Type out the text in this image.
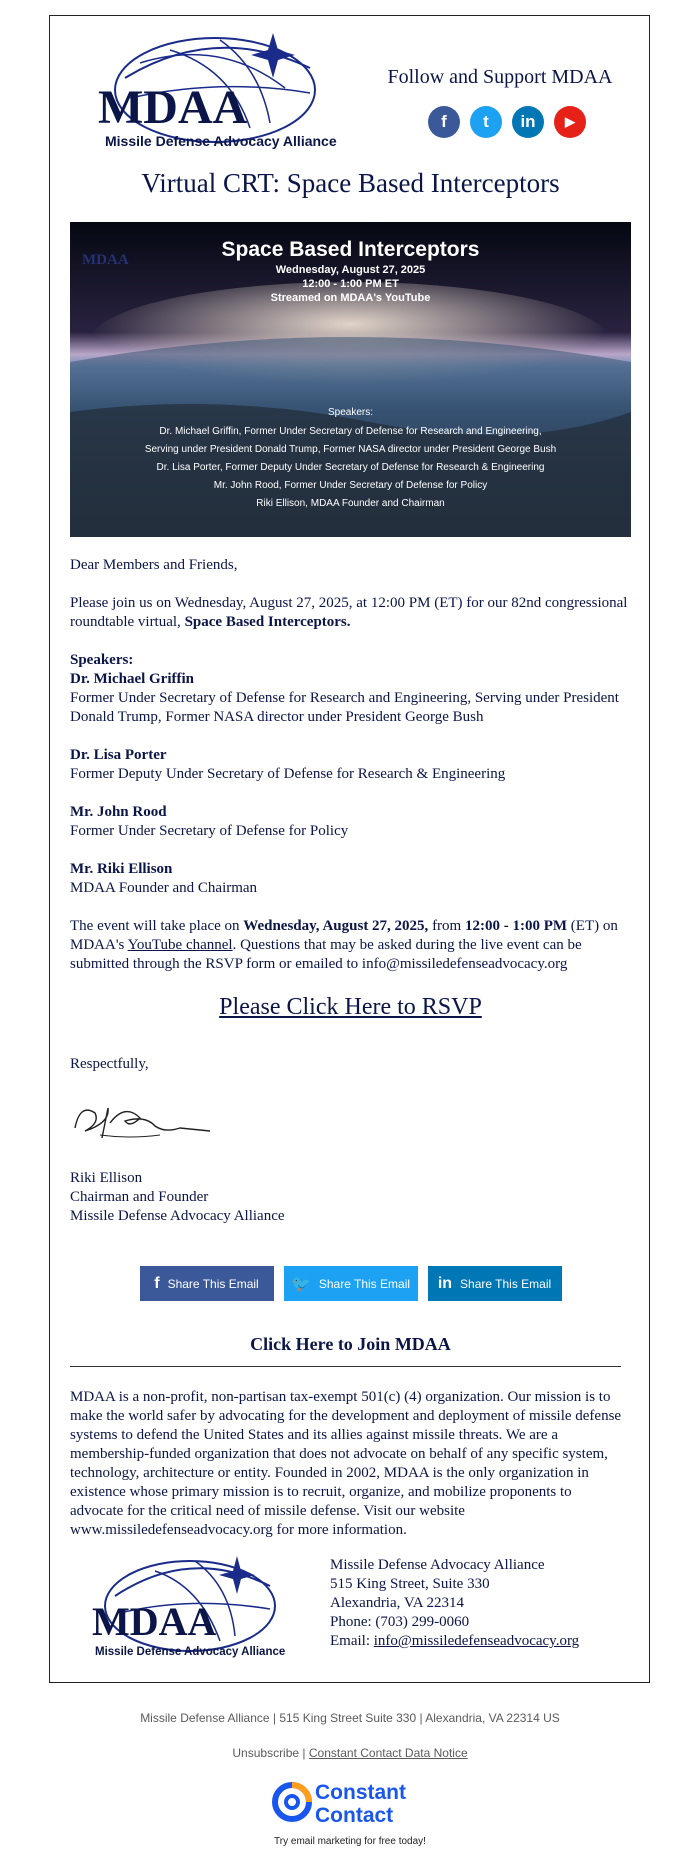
MDAA
Missile Defense Advocacy Alliance
Follow and Support MDAA
f	t	in	▶
Virtual CRT: Space Based Interceptors
MDAA	Space Based Interceptors
Wednesday, August 27, 2025
12:00 - 1:00 PM ET
Streamed on MDAA's YouTube
Speakers:
Dr. Michael Griffin, Former Under Secretary of Defense for Research and Engineering,
Serving under President Donald Trump, Former NASA director under President George Bush
Dr. Lisa Porter, Former Deputy Under Secretary of Defense for Research & Engineering
Mr. John Rood, Former Under Secretary of Defense for Policy
Riki Ellison, MDAA Founder and Chairman

Dear Members and Friends,

Please join us on Wednesday, August 27, 2025, at 12:00 PM (ET) for our 82nd congressional roundtable virtual, Space Based Interceptors.

Speakers:

Dr. Michael Griffin
Former Under Secretary of Defense for Research and Engineering, Serving under President Donald Trump, Former NASA director under President George Bush

Dr. Lisa Porter
Former Deputy Under Secretary of Defense for Research & Engineering

Mr. John Rood
Former Under Secretary of Defense for Policy

Mr. Riki Ellison
MDAA Founder and Chairman

The event will take place on Wednesday, August 27, 2025, from 12:00 - 1:00 PM (ET) on MDAA's YouTube channel. Questions that may be asked during the live event can be submitted through the RSVP form or emailed to info@missiledefenseadvocacy.org

Please Click Here to RSVP

Respectfully,

Riki Ellison
Chairman and Founder
Missile Defense Advocacy Alliance
f Share This Email 🐦 Share This Email in Share This Email
Click Here to Join MDAA
MDAA is a non-profit, non-partisan tax-exempt 501(c) (4) organization. Our mission is to make the world safer by advocating for the development and deployment of missile defense systems to defend the United States and its allies against missile threats. We are a membership-funded organization that does not advocate on behalf of any specific system, technology, architecture or entity. Founded in 2002, MDAA is the only organization in existence whose primary mission is to recruit, organize, and mobilize proponents to advocate for the critical need of missile defense. Visit our website www.missiledefenseadvocacy.org for more information.
MDAA
Missile Defense Advocacy Alliance
Missile Defense Advocacy Alliance
515 King Street, Suite 330
Alexandria, VA 22314
Phone: (703) 299-0060
Email: info@missiledefenseadvocacy.org
Missile Defense Alliance | 515 King Street Suite 330 | Alexandria, VA 22314 US
Unsubscribe | Constant Contact Data Notice
Constant
Contact
Try email marketing for free today!
